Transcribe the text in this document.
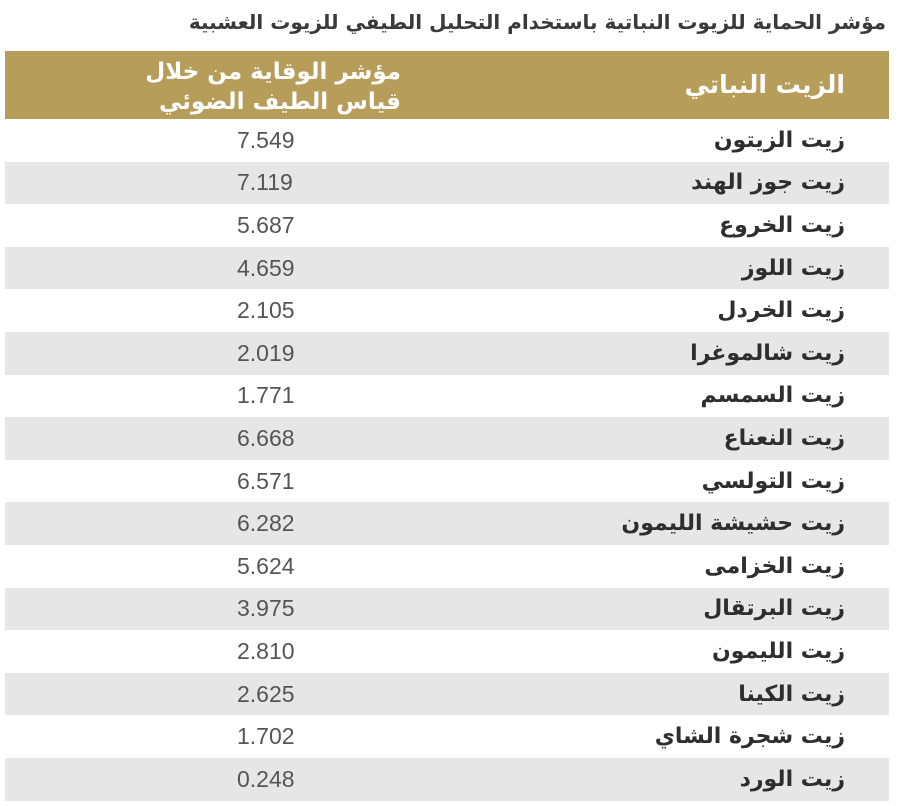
مؤشر الحماية للزيوت النباتية باستخدام التحليل الطيفي للزيوت العشبية
الزيت النباتي
مؤشر الوقاية من خلال
قياس الطيف الضوئي
زيت الزيتون
7.549
زيت جوز الهند
7.119
زيت الخروع
5.687
زيت اللوز
4.659
زيت الخردل
2.105
زيت شالموغرا
2.019
زيت السمسم
1.771
زيت النعناع
6.668
زيت التولسي
6.571
زيت حشيشة الليمون
6.282
زيت الخزامى
5.624
زيت البرتقال
3.975
زيت الليمون
2.810
زيت الكينا
2.625
زيت شجرة الشاي
1.702
زيت الورد
0.248
